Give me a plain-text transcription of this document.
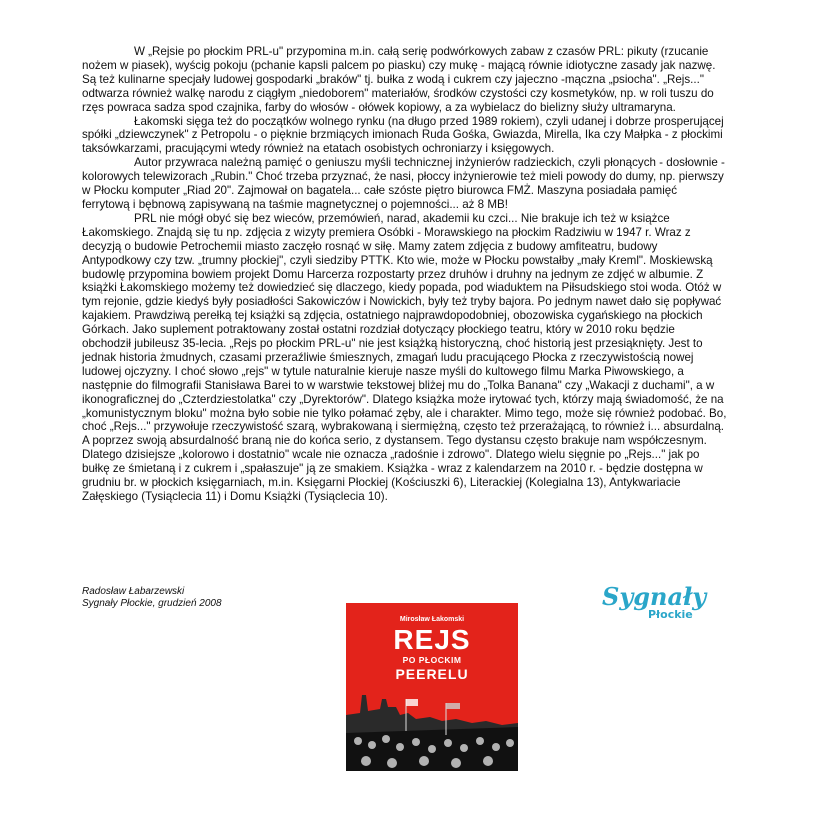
W „Rejsie po płockim PRL-u" przypomina m.in. całą serię podwórkowych zabaw z czasów PRL: pikuty (rzucanie nożem w piasek), wyścig pokoju (pchanie kapsli palcem po piasku) czy mukę - mającą równie idiotyczne zasady jak nazwę. Są też kulinarne specjały ludowej gospodarki „braków" tj. bułka z wodą i cukrem czy jajeczno -mączna „psiocha". „Rejs..." odtwarza również walkę narodu z ciągłym „niedoborem" materiałów, środków czystości czy kosmetyków, np. w roli tuszu do rzęs powraca sadza spod czajnika, farby do włosów - ołówek kopiowy, a za wybielacz do bielizny służy ultramaryna.

Łakomski sięga też do początków wolnego rynku (na długo przed 1989 rokiem), czyli udanej i dobrze prosperującej spółki „dziewczynek" z Petropolu - o pięknie brzmiących imionach Ruda Gośka, Gwiazda, Mirella, Ika czy Małpka - z płockimi taksówkarzami, pracującymi wtedy również na etatach osobistych ochroniarzy i księgowych.

Autor przywraca należną pamięć o geniuszu myśli technicznej inżynierów radzieckich, czyli płonących - dosłownie - kolorowych telewizorach „Rubin." Choć trzeba przyznać, że nasi, płoccy inżynierowie też mieli powody do dumy, np. pierwszy w Płocku komputer „Riad 20". Zajmował on bagatela... całe szóste piętro biurowca FMŻ. Maszyna posiadała pamięć ferrytową i bębnową zapisywaną na taśmie magnetycznej o pojemności... aż 8 MB!

PRL nie mógł obyć się bez wieców, przemówień, narad, akademii ku czci... Nie brakuje ich też w książce Łakomskiego. Znajdą się tu np. zdjęcia z wizyty premiera Osóbki - Morawskiego na płockim Radziwiu w 1947 r. Wraz z decyzją o budowie Petrochemii miasto zaczęło rosnąć w siłę. Mamy zatem zdjęcia z budowy amfiteatru, budowy Antypodkowy czy tzw. „trumny płockiej", czyli siedziby PTTK. Kto wie, może w Płocku powstałby „mały Kreml". Moskiewską budowlę przypomina bowiem projekt Domu Harcerza rozpostarty przez druhów i druhny na jednym ze zdjęć w albumie. Z książki Łakomskiego możemy też dowiedzieć się dlaczego, kiedy popada, pod wiaduktem na Piłsudskiego stoi woda. Otóż w tym rejonie, gdzie kiedyś były posiadłości Sakowiczów i Nowickich, były też tryby bajora. Po jednym nawet dało się popływać kajakiem. Prawdziwą perełką tej książki są zdjęcia, ostatniego najprawdopodobniej, obozowiska cygańskiego na płockich Górkach. Jako suplement potraktowany został ostatni rozdział dotyczący płockiego teatru, który w 2010 roku będzie obchodził jubileusz 35-lecia. „Rejs po płockim PRL-u" nie jest książką historyczną, choć historią jest przesiąknięty. Jest to jednak historia żmudnych, czasami przeraźliwie śmiesznych, zmagań ludu pracującego Płocka z rzeczywistością nowej ludowej ojczyzny. I choć słowo „rejs" w tytule naturalnie kieruje nasze myśli do kultowego filmu Marka Piwowskiego, a następnie do filmografii Stanisława Barei to w warstwie tekstowej bliżej mu do „Tolka Banana" czy „Wakacji z duchami", a w ikonograficznej do „Czterdziestolatka" czy „Dyrektorów". Dlatego książka może irytować tych, którzy mają świadomość, że na „komunistycznym bloku" można było sobie nie tylko połamać zęby, ale i charakter. Mimo tego, może się również podobać. Bo, choć „Rejs..." przywołuje rzeczywistość szarą, wybrakowaną i siermiężną, często też przerażającą, to również i... absurdalną. A poprzez swoją absurdalność braną nie do końca serio, z dystansem. Tego dystansu często brakuje nam współczesnym. Dlatego dzisiejsze „kolorowo i dostatnio" wcale nie oznacza „radośnie i zdrowo". Dlatego wielu sięgnie po „Rejs..." jak po bułkę ze śmietaną i z cukrem i „spałaszuje" ją ze smakiem. Książka - wraz z kalendarzem na 2010 r. - będzie dostępna w grudniu br. w płockich księgarniach, m.in. Księgarni Płockiej (Kościuszki 6), Literackiej (Kolegialna 13), Antykwariacie Załęskiego (Tysiąclecia 11) i Domu Książki (Tysiąclecia 10).

Radosław Łabarzewski
Sygnały Płockie, grudzień 2008	Sygnały
Płockie
Mirosław Łakomski
REJS
PO PŁOCKIM
PEERELU
